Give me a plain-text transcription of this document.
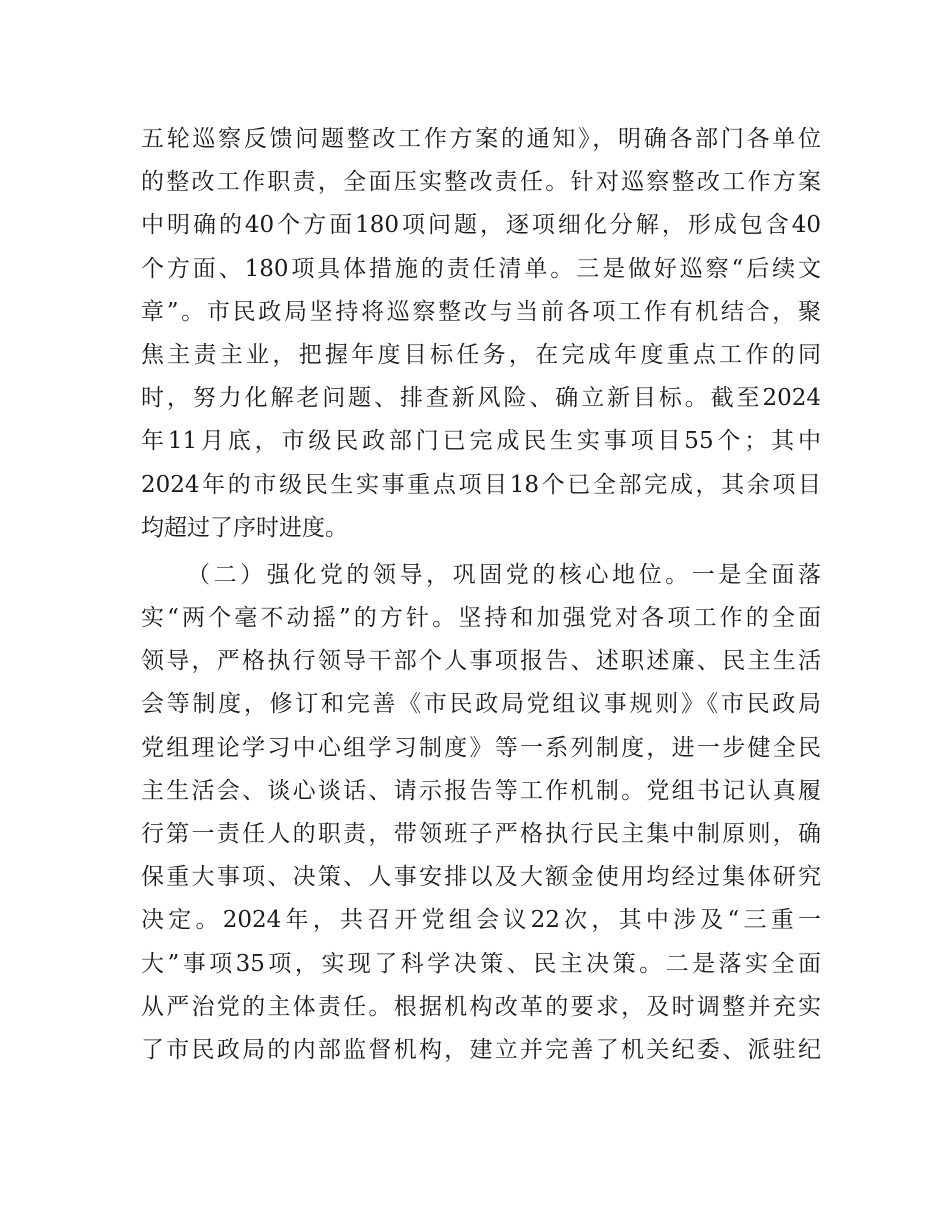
五轮巡察反馈问题整改工作方案的通知》，明确各部门各单位
的整改工作职责，全面压实整改责任。针对巡察整改工作方案
中明确的40个方面180项问题，逐项细化分解，形成包含40
个方面、180项具体措施的责任清单。三是做好巡察“后续文
章”。市民政局坚持将巡察整改与当前各项工作有机结合，聚
焦主责主业，把握年度目标任务，在完成年度重点工作的同
时，努力化解老问题、排查新风险、确立新目标。截至2024
年11月底，市级民政部门已完成民生实事项目55个；其中
2024年的市级民生实事重点项目18个已全部完成，其余项目
均超过了序时进度。
（二）强化党的领导，巩固党的核心地位。一是全面落
实“两个毫不动摇”的方针。坚持和加强党对各项工作的全面
领导，严格执行领导干部个人事项报告、述职述廉、民主生活
会等制度，修订和完善《市民政局党组议事规则》《市民政局
党组理论学习中心组学习制度》等一系列制度，进一步健全民
主生活会、谈心谈话、请示报告等工作机制。党组书记认真履
行第一责任人的职责，带领班子严格执行民主集中制原则，确
保重大事项、决策、人事安排以及大额金使用均经过集体研究
决定。2024年，共召开党组会议22次，其中涉及“三重一
大”事项35项，实现了科学决策、民主决策。二是落实全面
从严治党的主体责任。根据机构改革的要求，及时调整并充实
了市民政局的内部监督机构，建立并完善了机关纪委、派驻纪
